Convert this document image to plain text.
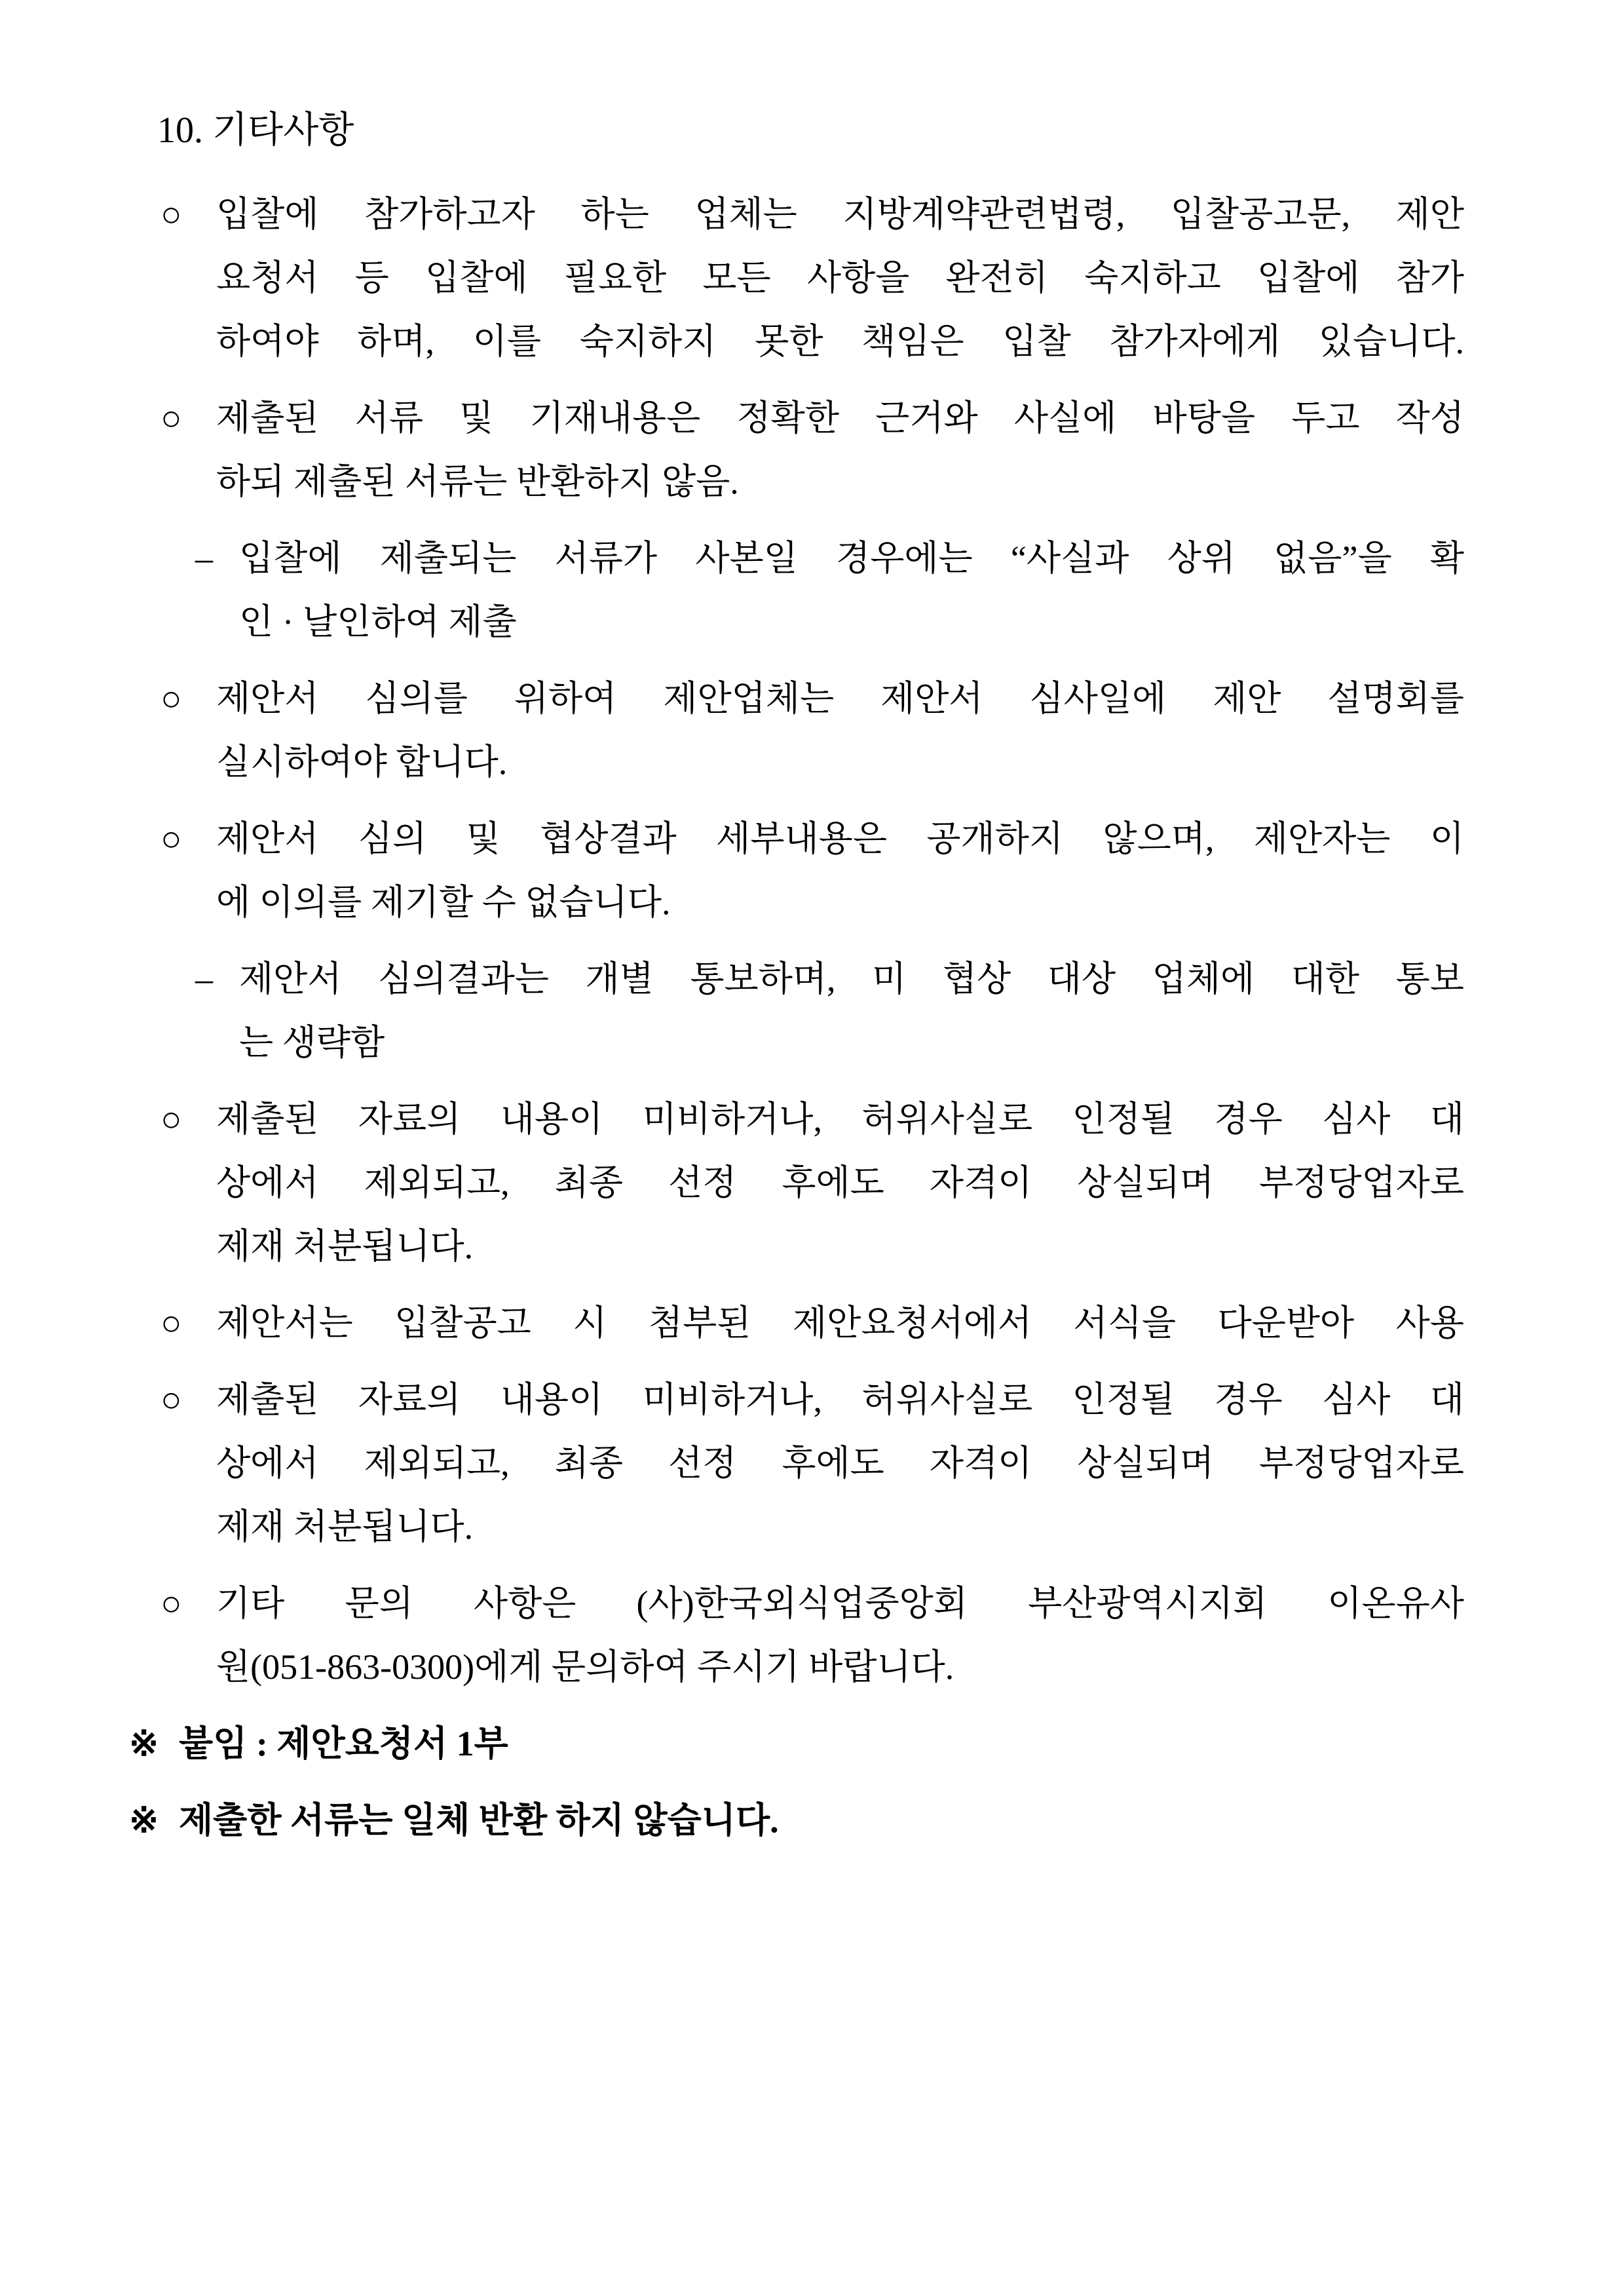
10. 기타사항
○ 입찰에 참가하고자 하는 업체는 지방계약관련법령, 입찰공고문, 제안
요청서 등 입찰에 필요한 모든 사항을 완전히 숙지하고 입찰에 참가
하여야 하며, 이를 숙지하지 못한 책임은 입찰 참가자에게 있습니다.
○ 제출된 서류 및 기재내용은 정확한 근거와 사실에 바탕을 두고 작성
하되 제출된 서류는 반환하지 않음.
– 입찰에 제출되는 서류가 사본일 경우에는 “사실과 상위 없음”을 확
인 · 날인하여 제출
○ 제안서 심의를 위하여 제안업체는 제안서 심사일에 제안 설명회를
실시하여야 합니다.
○ 제안서 심의 및 협상결과 세부내용은 공개하지 않으며, 제안자는 이
에 이의를 제기할 수 없습니다.
– 제안서 심의결과는 개별 통보하며, 미 협상 대상 업체에 대한 통보
는 생략함
○ 제출된 자료의 내용이 미비하거나, 허위사실로 인정될 경우 심사 대
상에서 제외되고, 최종 선정 후에도 자격이 상실되며 부정당업자로
제재 처분됩니다.
○ 제안서는 입찰공고 시 첨부된 제안요청서에서 서식을 다운받아 사용
○ 제출된 자료의 내용이 미비하거나, 허위사실로 인정될 경우 심사 대
상에서 제외되고, 최종 선정 후에도 자격이 상실되며 부정당업자로
제재 처분됩니다.
○ 기타 문의 사항은 (사)한국외식업중앙회 부산광역시지회 이온유사
원(051-863-0300)에게 문의하여 주시기 바랍니다.
※ 붙임 : 제안요청서 1부
※ 제출한 서류는 일체 반환 하지 않습니다.
